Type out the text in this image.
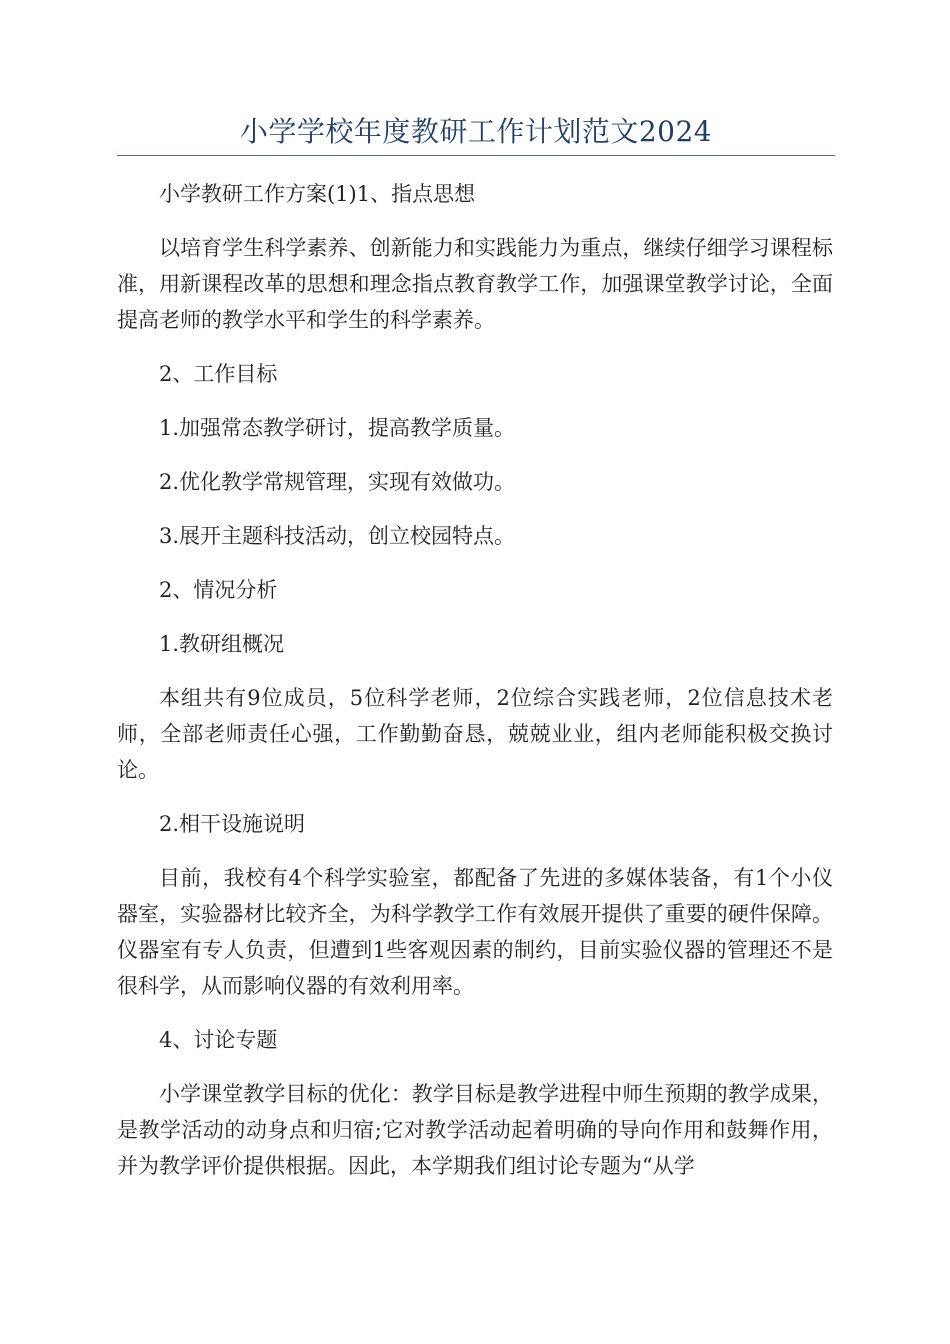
小学学校年度教研工作计划范文2024

小学教研工作方案(1)1、指点思想

以培育学生科学素养、创新能力和实践能力为重点，继续仔细学习课程标准，用新课程改革的思想和理念指点教育教学工作，加强课堂教学讨论，全面提高老师的教学水平和学生的科学素养。

2、工作目标

1.加强常态教学研讨，提高教学质量。

2.优化教学常规管理，实现有效做功。

3.展开主题科技活动，创立校园特点。

2、情况分析

1.教研组概况

本组共有9位成员，5位科学老师，2位综合实践老师，2位信息技术老师，全部老师责任心强，工作勤勤奋恳，兢兢业业，组内老师能积极交换讨论。

2.相干设施说明

目前，我校有4个科学实验室，都配备了先进的多媒体装备，有1个小仪器室，实验器材比较齐全，为科学教学工作有效展开提供了重要的硬件保障。仪器室有专人负责，但遭到1些客观因素的制约，目前实验仪器的管理还不是很科学，从而影响仪器的有效利用率。

4、讨论专题

小学课堂教学目标的优化：教学目标是教学进程中师生预期的教学成果，是教学活动的动身点和归宿;它对教学活动起着明确的导向作用和鼓舞作用，并为教学评价提供根据。因此，本学期我们组讨论专题为“从学
